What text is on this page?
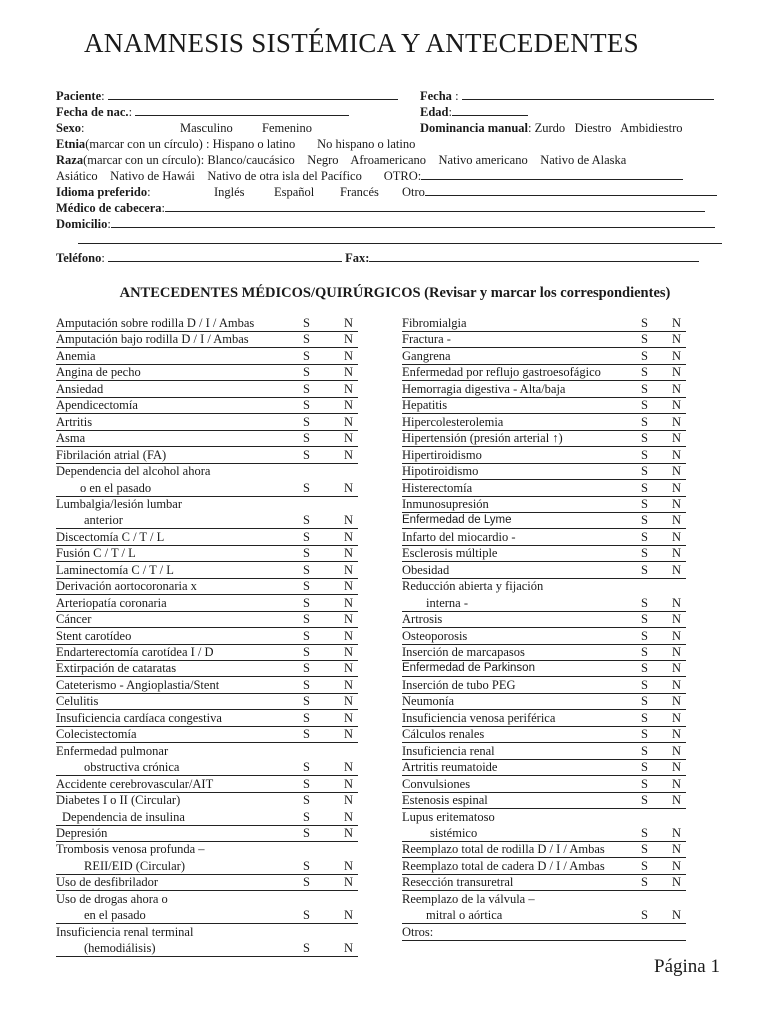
ANAMNESIS SISTÉMICA Y ANTECEDENTES
Paciente:	Fecha :
Fecha de nac.:	Edad:
Sexo:	Masculino Femenino	Dominancia manual: Zurdo Diestro Ambidiestro
Etnia(marcar con un círculo) : Hispano o latino No hispano o latino
Raza(marcar con un círculo): Blanco/caucásico Negro Afroamericano Nativo americano Nativo de Alaska
Asiático Nativo de Hawái Nativo de otra isla del Pacífico OTRO:
Idioma preferido:	Inglés Español Francés Otro
Médico de cabecera:
Domicilio:
Teléfono:	Fax:
ANTECEDENTES MÉDICOS/QUIRÚRGICOS (Revisar y marcar los correspondientes)
Amputación sobre rodilla D / I / Ambas	S	N
Amputación bajo rodilla D / I / Ambas	S	N
Anemia	S	N
Angina de pecho	S	N
Ansiedad	S	N
Apendicectomía	S	N
Artritis	S	N
Asma	S	N
Fibrilación atrial (FA)	S	N
Dependencia del alcohol ahora
o en el pasado	S	N
Lumbalgia/lesión lumbar
anterior	S	N
Discectomía C / T / L	S	N
Fusión C / T / L	S	N
Laminectomía C / T / L	S	N
Derivación aortocoronaria x	S	N
Arteriopatía coronaria	S	N
Cáncer	S	N
Stent carotídeo	S	N
Endarterectomía carotídea I / D	S	N
Extirpación de cataratas	S	N
Cateterismo - Angioplastia/Stent	S	N
Celulitis	S	N
Insuficiencia cardíaca congestiva	S	N
Colecistectomía	S	N
Enfermedad pulmonar
obstructiva crónica	S	N
Accidente cerebrovascular/AIT	S	N
Diabetes I o II (Circular)	S	N
Dependencia de insulina	S	N
Depresión	S	N
Trombosis venosa profunda –
REII/EID (Circular)	S	N
Uso de desfibrilador	S	N
Uso de drogas ahora o
en el pasado	S	N
Insuficiencia renal terminal
(hemodiálisis)	S	N
Fibromialgia	S N
Fractura -	S N
Gangrena	S N
Enfermedad por reflujo gastroesofágico	S N
Hemorragia digestiva - Alta/baja	S N
Hepatitis	S N
Hipercolesterolemia	S N
Hipertensión (presión arterial ↑)	S N
Hipertiroidismo	S N
Hipotiroidismo	S N
Histerectomía	S N
Inmunosupresión	S N
Enfermedad de Lyme	S N
Infarto del miocardio -	S N
Esclerosis múltiple	S N
Obesidad	S N
Reducción abierta y fijación
interna -	S N
Artrosis	S N
Osteoporosis	S N
Inserción de marcapasos	S N
Enfermedad de Parkinson	S N
Inserción de tubo PEG	S N
Neumonía	S N
Insuficiencia venosa periférica	S N
Cálculos renales	S N
Insuficiencia renal	S N
Artritis reumatoide	S N
Convulsiones	S N
Estenosis espinal	S N
Lupus eritematoso
sistémico	S N
Reemplazo total de rodilla D / I / Ambas	S N
Reemplazo total de cadera D / I / Ambas	S N
Resección transuretral	S N
Reemplazo de la válvula –
mitral o aórtica	S N
Otros:
Página 1
